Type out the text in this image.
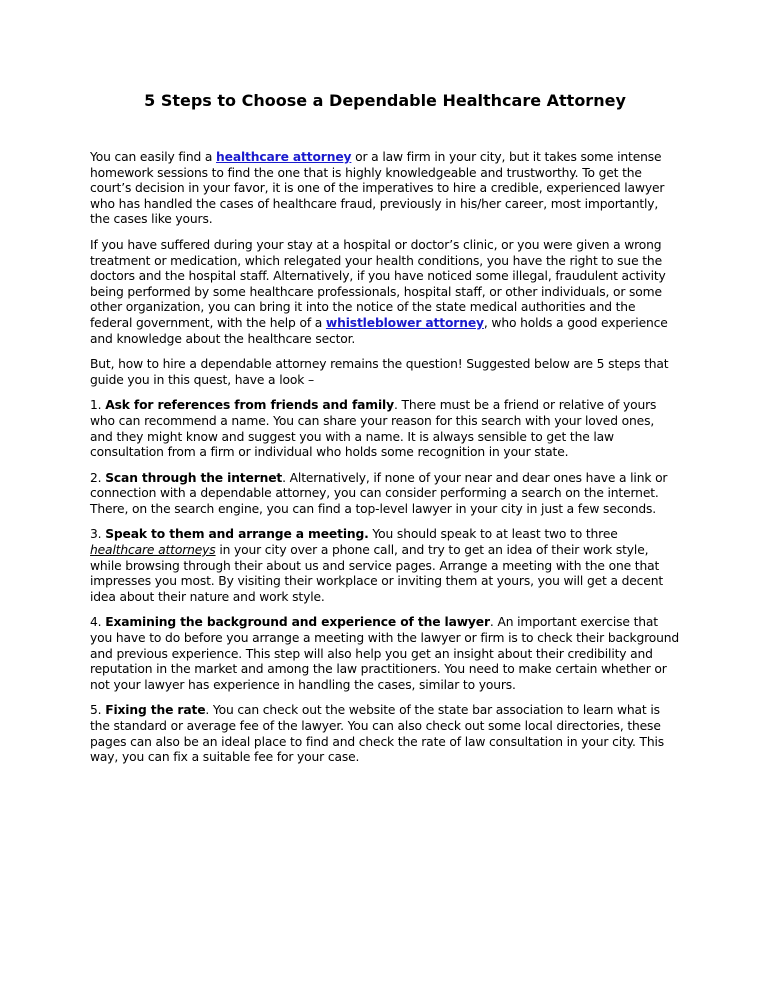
5 Steps to Choose a Dependable Healthcare Attorney

You can easily find a healthcare attorney or a law firm in your city, but it takes some intense homework sessions to find the one that is highly knowledgeable and trustworthy. To get the court’s decision in your favor, it is one of the imperatives to hire a credible, experienced lawyer who has handled the cases of healthcare fraud, previously in his/her career, most importantly, the cases like yours.

If you have suffered during your stay at a hospital or doctor’s clinic, or you were given a wrong treatment or medication, which relegated your health conditions, you have the right to sue the doctors and the hospital staff. Alternatively, if you have noticed some illegal, fraudulent activity being performed by some healthcare professionals, hospital staff, or other individuals, or some other organization, you can bring it into the notice of the state medical authorities and the federal government, with the help of a whistleblower attorney, who holds a good experience and knowledge about the healthcare sector.

But, how to hire a dependable attorney remains the question! Suggested below are 5 steps that guide you in this quest, have a look –

1. Ask for references from friends and family. There must be a friend or relative of yours who can recommend a name. You can share your reason for this search with your loved ones, and they might know and suggest you with a name. It is always sensible to get the law consultation from a firm or individual who holds some recognition in your state.

2. Scan through the internet. Alternatively, if none of your near and dear ones have a link or connection with a dependable attorney, you can consider performing a search on the internet. There, on the search engine, you can find a top-level lawyer in your city in just a few seconds.

3. Speak to them and arrange a meeting. You should speak to at least two to three healthcare attorneys in your city over a phone call, and try to get an idea of their work style, while browsing through their about us and service pages. Arrange a meeting with the one that impresses you most. By visiting their workplace or inviting them at yours, you will get a decent idea about their nature and work style.

4. Examining the background and experience of the lawyer. An important exercise that you have to do before you arrange a meeting with the lawyer or firm is to check their background and previous experience. This step will also help you get an insight about their credibility and reputation in the market and among the law practitioners. You need to make certain whether or not your lawyer has experience in handling the cases, similar to yours.

5. Fixing the rate. You can check out the website of the state bar association to learn what is the standard or average fee of the lawyer. You can also check out some local directories, these pages can also be an ideal place to find and check the rate of law consultation in your city. This way, you can fix a suitable fee for your case.
